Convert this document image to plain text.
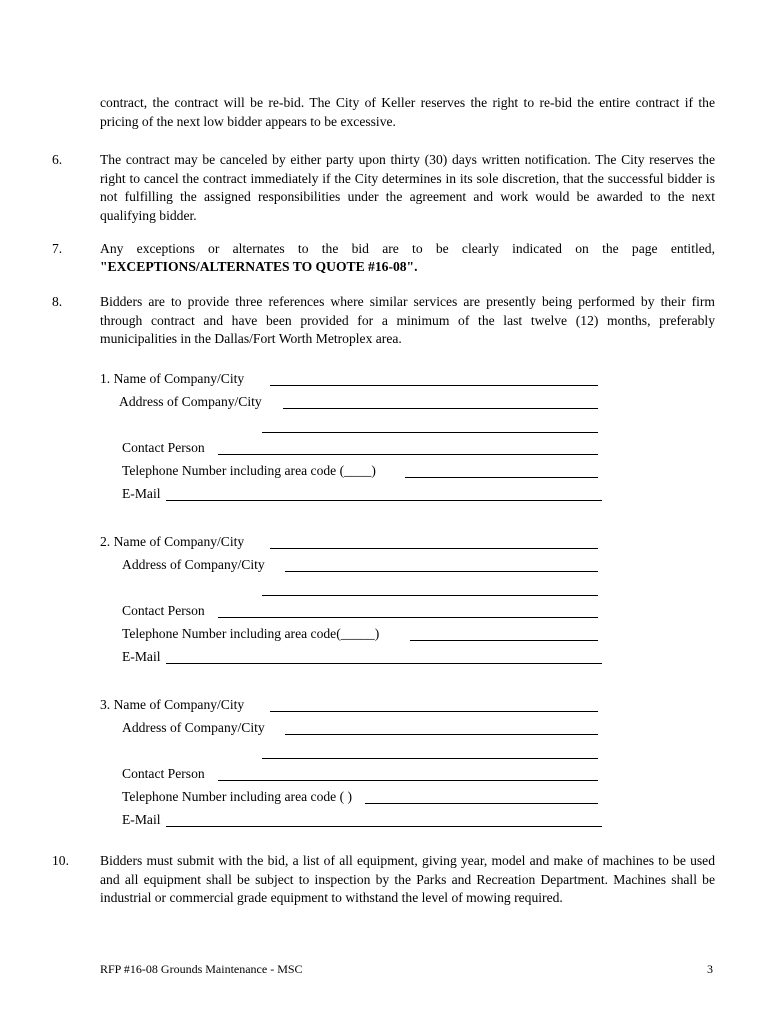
contract, the contract will be re-bid. The City of Keller reserves the right to re-bid the entire contract if the pricing of the next low bidder appears to be excessive.

6.	The contract may be canceled by either party upon thirty (30) days written notification. The City reserves the right to cancel the contract immediately if the City determines in its sole discretion, that the successful bidder is not fulfilling the assigned responsibilities under the agreement and work would be awarded to the next qualifying bidder.

7.	Any exceptions or alternates to the bid are to be clearly indicated on the page entitled,

"EXCEPTIONS/ALTERNATES TO QUOTE #16-08".

8.	Bidders are to provide three references where similar services are presently being performed by their firm through contract and have been provided for a minimum of the last twelve (12) months, preferably municipalities in the Dallas/Fort Worth Metroplex area.

1. Name of Company/City
Address of Company/City
Contact Person
Telephone Number including area code (____)
E-Mail
2. Name of Company/City
Address of Company/City
Contact Person
Telephone Number including area code(_____)
E-Mail
3. Name of Company/City
Address of Company/City
Contact Person
Telephone Number including area code ( )
E-Mail
10. Bidders must submit with the bid, a list of all equipment, giving year, model and make of machines to be used and all equipment shall be subject to inspection by the Parks and Recreation Department. Machines shall be industrial or commercial grade equipment to withstand the level of mowing required.

RFP #16-08 Grounds Maintenance - MSC	3
